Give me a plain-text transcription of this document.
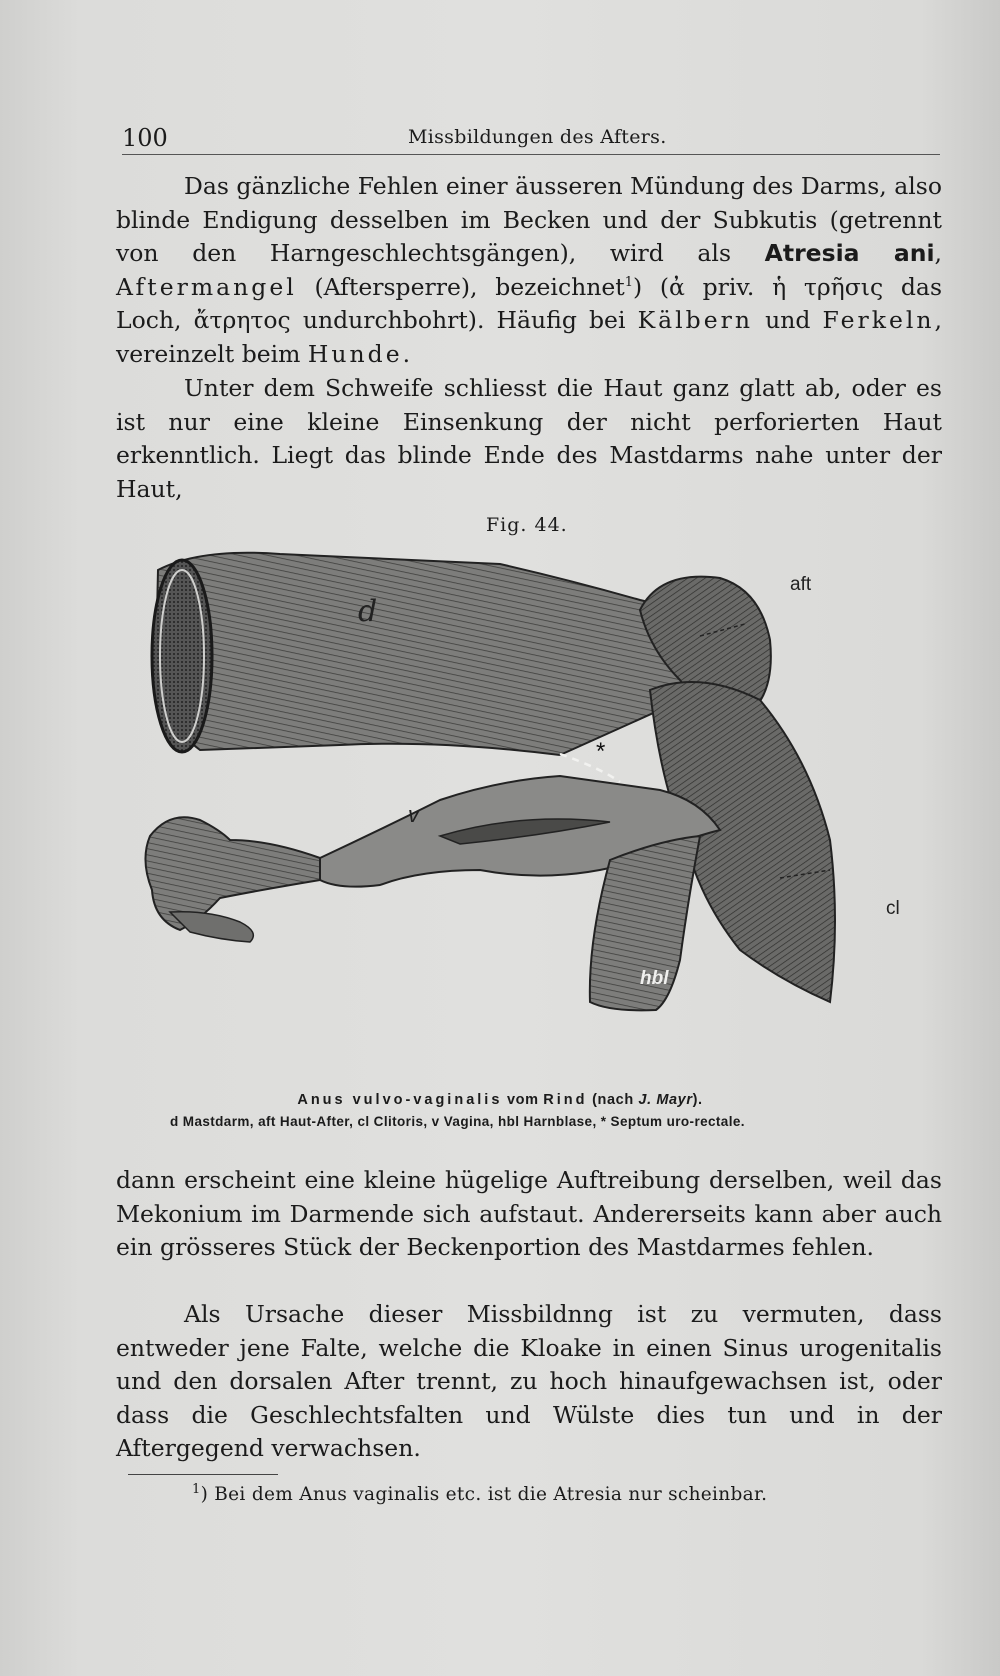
100	Missbildungen des Afters.

Das gänzliche Fehlen einer äusseren Mündung des Darms, also blinde Endigung desselben im Becken und der Subkutis (getrennt von den Harngeschlechtsgängen), wird als Atresia ani, Aftermangel (Aftersperre), bezeichnet$^1$) (ἀ priv. ἡ τρῆσις das Loch, ἄτρητος undurchbohrt). Häufig bei Kälbern und Ferkeln, vereinzelt beim Hunde.

Unter dem Schweife schliesst die Haut ganz glatt ab, oder es ist nur eine kleine Einsenkung der nicht perforierten Haut erkenntlich. Liegt das blinde Ende des Mastdarms nahe unter der Haut,

Fig. 44.
d
aft
v
*
cl
hbl
Anus vulvo-vaginalis vom Rind (nach J. Mayr).
d Mastdarm, aft Haut-After, cl Clitoris, v Vagina, hbl Harnblase, * Septum uro-rectale.

dann erscheint eine kleine hügelige Auftreibung derselben, weil das Mekonium im Darmende sich aufstaut. Andererseits kann aber auch ein grösseres Stück der Beckenportion des Mastdarmes fehlen.

Als Ursache dieser Missbildnng ist zu vermuten, dass entweder jene Falte, welche die Kloake in einen Sinus urogenitalis und den dorsalen After trennt, zu hoch hinaufgewachsen ist, oder dass die Geschlechtsfalten und Wülste dies tun und in der Aftergegend verwachsen.

$^1$) Bei dem Anus vaginalis etc. ist die Atresia nur scheinbar.
